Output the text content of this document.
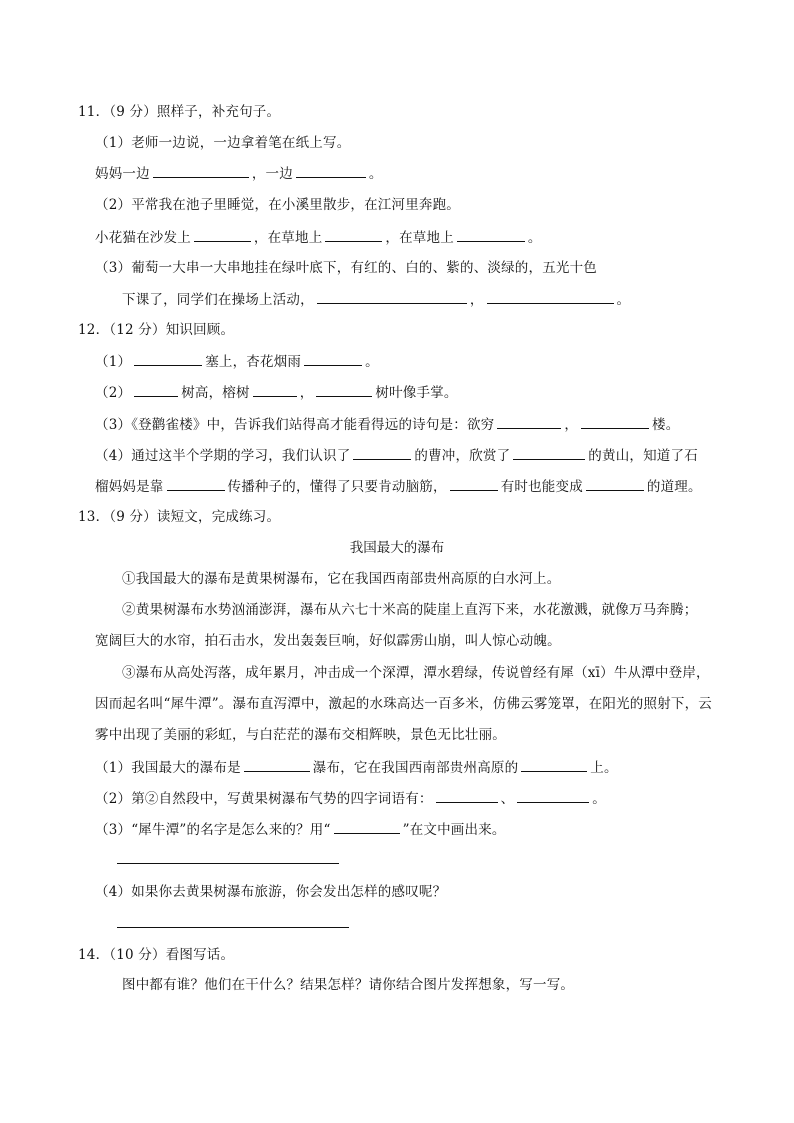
11．（9 分）照样子，补充句子。
（1）老师一边说，一边拿着笔在纸上写。
妈妈一边	，一边	。
（2）平常我在池子里睡觉，在小溪里散步，在江河里奔跑。
小花猫在沙发上	，在草地上	，在草地上	。
（3）葡萄一大串一大串地挂在绿叶底下，有红的、白的、紫的、淡绿的，五光十色
下课了，同学们在操场上活动，	，	。
12．（12 分）知识回顾。
（1）	塞上，杏花烟雨	。
（2）	树高，榕树	，	树叶像手掌。
（3）《登鹳雀楼》中，告诉我们站得高才能看得远的诗句是：欲穷	，	楼。
（4）通过这半个学期的学习，我们认识了	的曹冲，欣赏了	的黄山，知道了石
榴妈妈是靠	传播种子的，懂得了只要肯动脑筋，	有时也能变成	的道理。
13．（9 分）读短文，完成练习。
我国最大的瀑布
①我国最大的瀑布是黄果树瀑布，它在我国西南部贵州高原的白水河上。
②黄果树瀑布水势汹涌澎湃，瀑布从六七十米高的陡崖上直泻下来，水花激溅，就像万马奔腾；
宽阔巨大的水帘，拍石击水，发出轰轰巨响，好似霹雳山崩，叫人惊心动魄。
③瀑布从高处泻落，成年累月，冲击成一个深潭，潭水碧绿，传说曾经有犀（xī）牛从潭中登岸，
因而起名叫“犀牛潭”。瀑布直泻潭中，激起的水珠高达一百多米，仿佛云雾笼罩，在阳光的照射下，云
雾中出现了美丽的彩虹，与白茫茫的瀑布交相辉映，景色无比壮丽。
（1）我国最大的瀑布是	瀑布，它在我国西南部贵州高原的	上。
（2）第②自然段中，写黄果树瀑布气势的四字词语有：	、	。
（3）“犀牛潭”的名字是怎么来的？用“	”在文中画出来。
（4）如果你去黄果树瀑布旅游，你会发出怎样的感叹呢？
14．（10 分）看图写话。
图中都有谁？他们在干什么？结果怎样？请你结合图片发挥想象，写一写。
